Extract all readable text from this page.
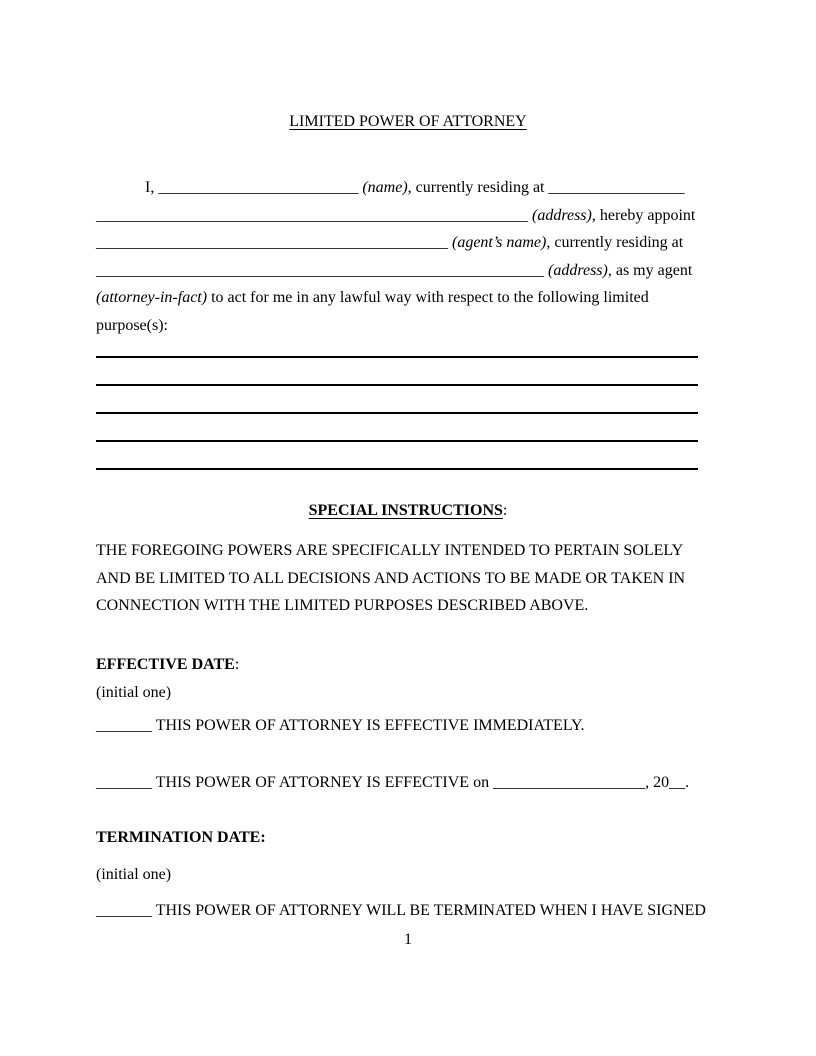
LIMITED POWER OF ATTORNEY
I, _________________________ (name), currently residing at _________________
______________________________________________________ (address), hereby appoint
____________________________________________ (agent’s name), currently residing at
________________________________________________________ (address), as my agent
(attorney-in-fact) to act for me in any lawful way with respect to the following limited
purpose(s):
SPECIAL INSTRUCTIONS:
THE FOREGOING POWERS ARE SPECIFICALLY INTENDED TO PERTAIN SOLELY
AND BE LIMITED TO ALL DECISIONS AND ACTIONS TO BE MADE OR TAKEN IN
CONNECTION WITH THE LIMITED PURPOSES DESCRIBED ABOVE.
EFFECTIVE DATE:
(initial one)
_______ THIS POWER OF ATTORNEY IS EFFECTIVE IMMEDIATELY.
_______ THIS POWER OF ATTORNEY IS EFFECTIVE on ___________________, 20__.
TERMINATION DATE:
(initial one)
_______ THIS POWER OF ATTORNEY WILL BE TERMINATED WHEN I HAVE SIGNED
1
